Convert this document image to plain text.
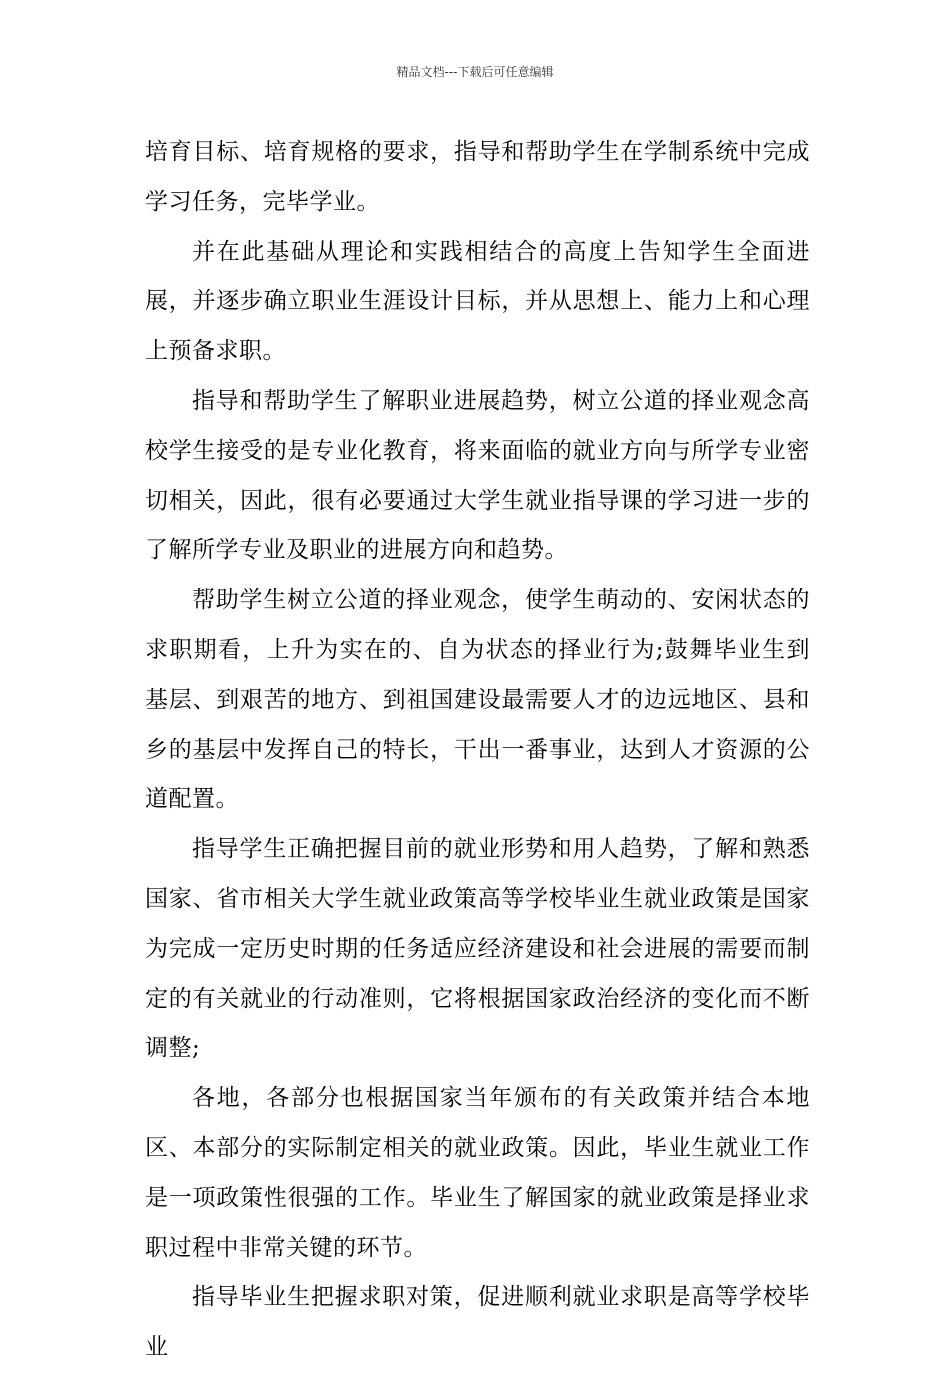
精品文档---下载后可任意编辑

培育目标、培育规格的要求，指导和帮助学生在学制系统中完成学习任务，完毕学业。

并在此基础从理论和实践相结合的高度上告知学生全面进展，并逐步确立职业生涯设计目标，并从思想上、能力上和心理上预备求职。

指导和帮助学生了解职业进展趋势，树立公道的择业观念高校学生接受的是专业化教育，将来面临的就业方向与所学专业密切相关，因此，很有必要通过大学生就业指导课的学习进一步的了解所学专业及职业的进展方向和趋势。

帮助学生树立公道的择业观念，使学生萌动的、安闲状态的求职期看，上升为实在的、自为状态的择业行为;鼓舞毕业生到基层、到艰苦的地方、到祖国建设最需要人才的边远地区、县和乡的基层中发挥自己的特长，干出一番事业，达到人才资源的公道配置。

指导学生正确把握目前的就业形势和用人趋势，了解和熟悉国家、省市相关大学生就业政策高等学校毕业生就业政策是国家为完成一定历史时期的任务适应经济建设和社会进展的需要而制定的有关就业的行动准则，它将根据国家政治经济的变化而不断调整;

各地，各部分也根据国家当年颁布的有关政策并结合本地区、本部分的实际制定相关的就业政策。因此，毕业生就业工作是一项政策性很强的工作。毕业生了解国家的就业政策是择业求职过程中非常关键的环节。

指导毕业生把握求职对策，促进顺利就业求职是高等学校毕业
